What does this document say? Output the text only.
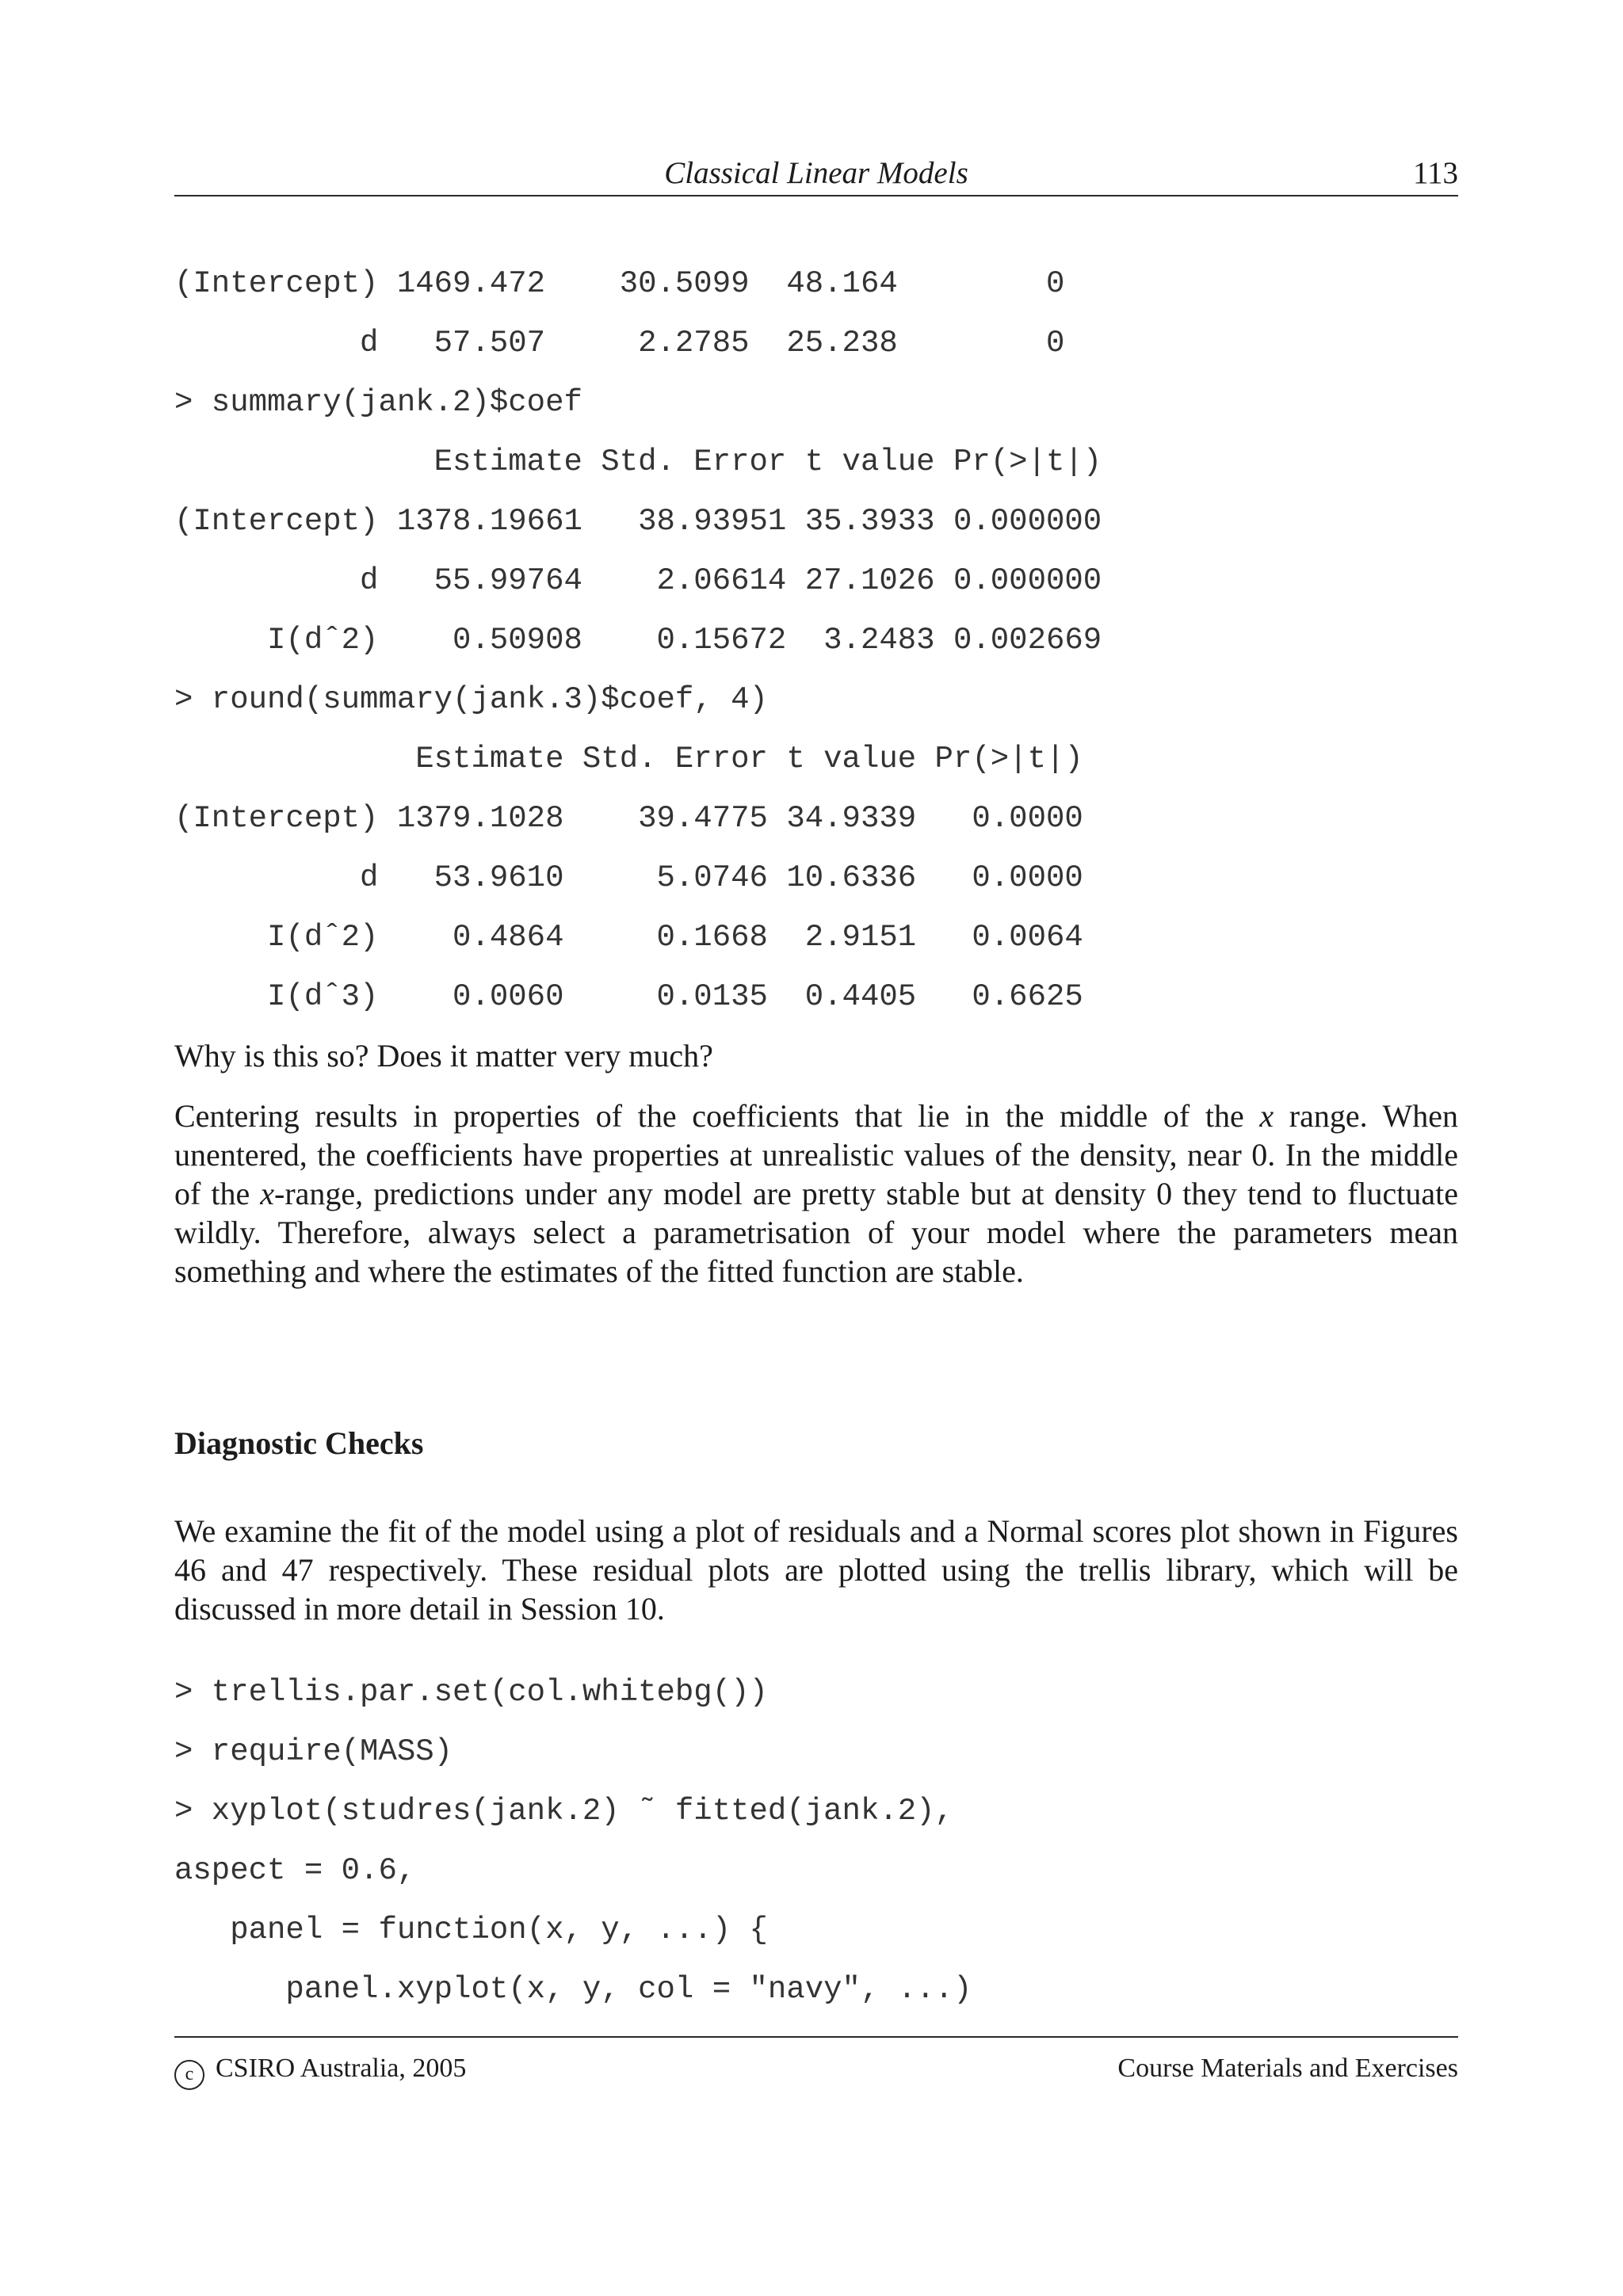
Classical Linear Models	113
(Intercept) 1469.472    30.5099  48.164        0
d   57.507     2.2785  25.238        0
> summary(jank.2)$coef
Estimate Std. Error t value Pr(>|t|)
(Intercept) 1378.19661   38.93951 35.3933 0.000000
d   55.99764    2.06614 27.1026 0.000000
I(dˆ2)    0.50908    0.15672  3.2483 0.002669
> round(summary(jank.3)$coef, 4)
Estimate Std. Error t value Pr(>|t|)
(Intercept) 1379.1028    39.4775 34.9339   0.0000
d   53.9610     5.0746 10.6336   0.0000
I(dˆ2)    0.4864     0.1668  2.9151   0.0064
I(dˆ3)    0.0060     0.0135  0.4405   0.6625
Why is this so? Does it matter very much?
Centering results in properties of the coefficients that lie in the middle of the x range. When unentered, the coefficients have properties at unrealistic values of the density, near 0. In the middle of the x-range, predictions under any model are pretty stable but at density 0 they tend to fluctuate wildly. Therefore, always select a parametrisation of your model where the parameters mean something and where the estimates of the fitted function are stable.
Diagnostic Checks
We examine the fit of the model using a plot of residuals and a Normal scores plot shown in Figures 46 and 47 respectively. These residual plots are plotted using the trellis library, which will be discussed in more detail in Session 10.
> trellis.par.set(col.whitebg())
> require(MASS)
> xyplot(studres(jank.2) ˜ fitted(jank.2),
aspect = 0.6,
panel = function(x, y, ...) {
panel.xyplot(x, y, col = "navy", ...)
c CSIRO Australia, 2005	Course Materials and Exercises
